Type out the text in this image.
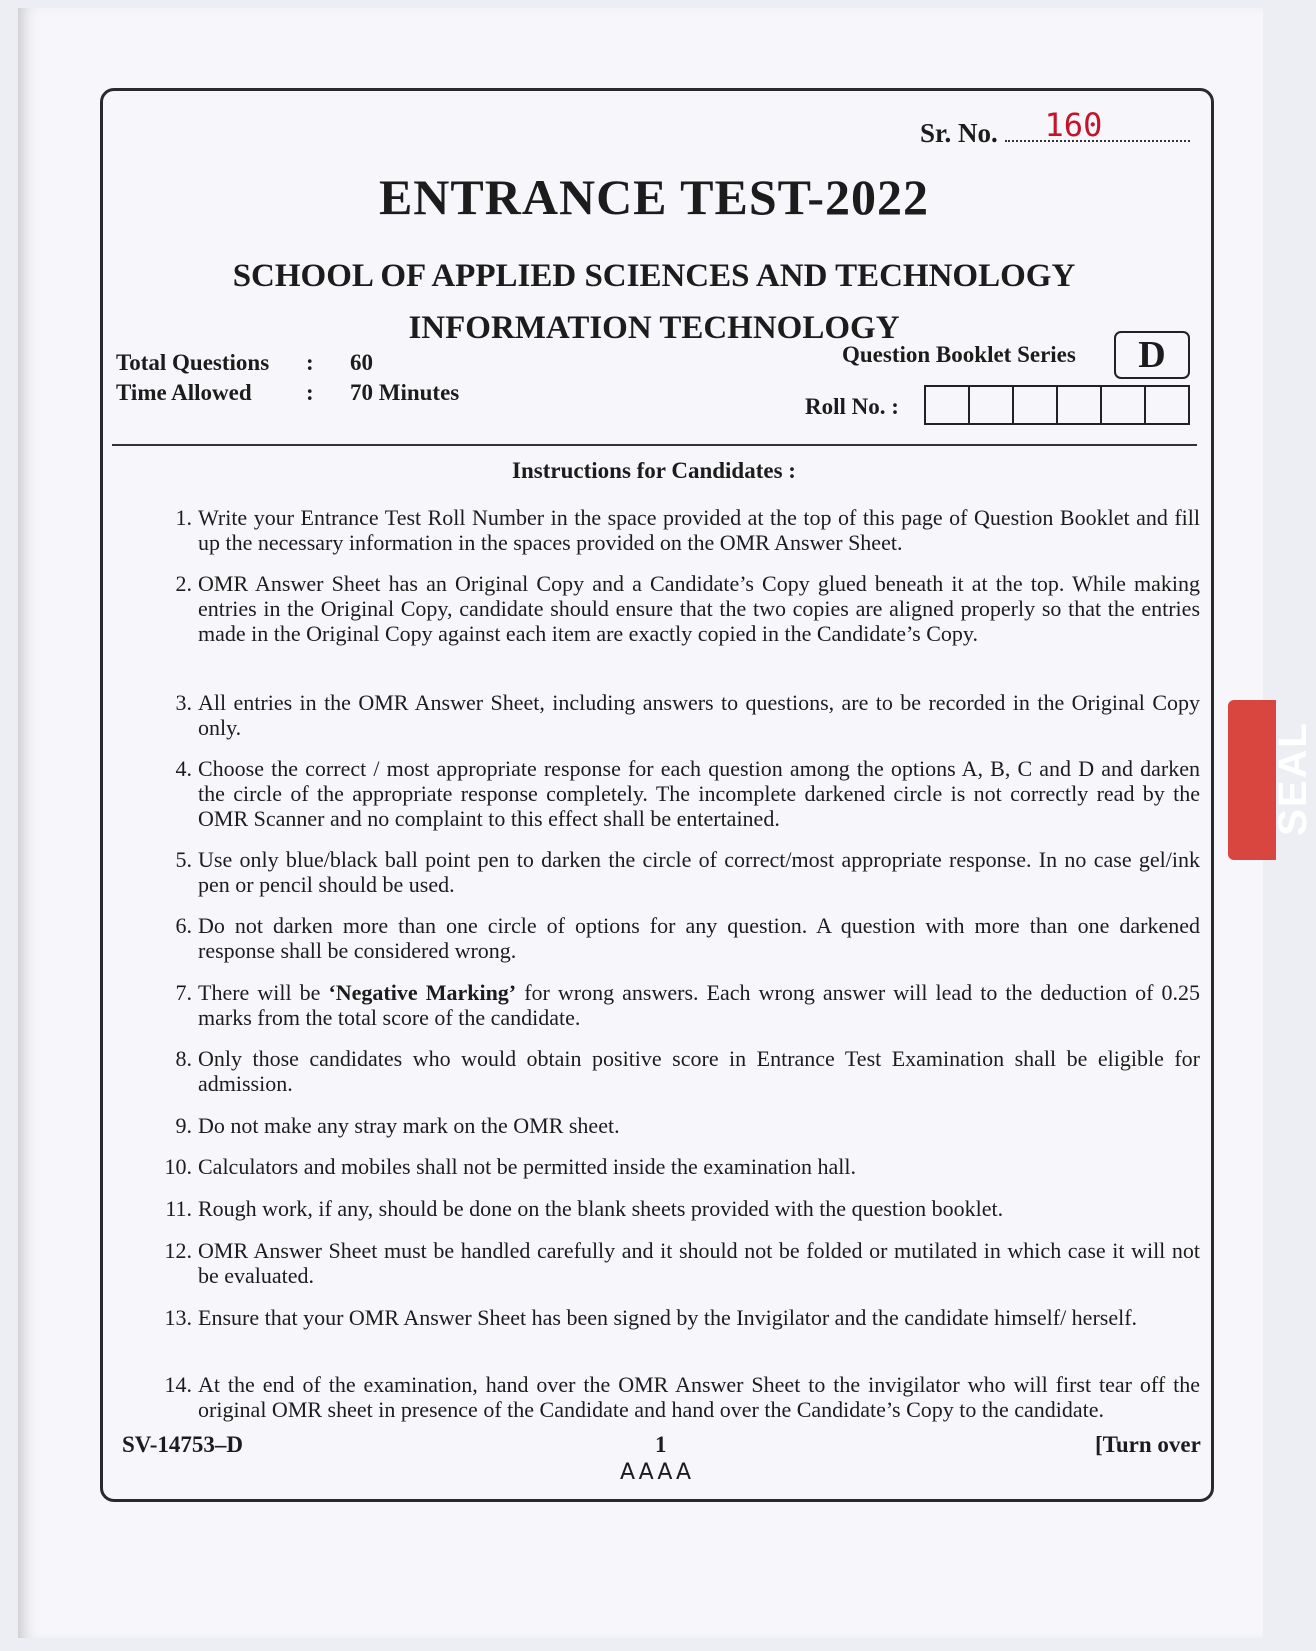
SEAL
Sr. No. 160
ENTRANCE TEST-2022
SCHOOL OF APPLIED SCIENCES AND TECHNOLOGY
INFORMATION TECHNOLOGY
Question Booklet Series	D
Total Questions : 60
Time Allowed : 70 Minutes
Roll No. :
Instructions for Candidates :
1. Write your Entrance Test Roll Number in the space provided at the top of this page of Question Booklet and fill up the necessary information in the spaces provided on the OMR Answer Sheet.
2. OMR Answer Sheet has an Original Copy and a Candidate’s Copy glued beneath it at the top. While making entries in the Original Copy, candidate should ensure that the two copies are aligned properly so that the entries made in the Original Copy against each item are exactly copied in the Candidate’s Copy.
3. All entries in the OMR Answer Sheet, including answers to questions, are to be recorded in the Original Copy only.
4. Choose the correct / most appropriate response for each question among the options A, B, C and D and darken the circle of the appropriate response completely. The incomplete darkened circle is not correctly read by the OMR Scanner and no complaint to this effect shall be entertained.
5. Use only blue/black ball point pen to darken the circle of correct/most appropriate response. In no case gel/ink pen or pencil should be used.
6. Do not darken more than one circle of options for any question. A question with more than one darkened response shall be considered wrong.
7. There will be ‘Negative Marking’ for wrong answers. Each wrong answer will lead to the deduction of 0.25 marks from the total score of the candidate.
8. Only those candidates who would obtain positive score in Entrance Test Examination shall be eligible for admission.
9. Do not make any stray mark on the OMR sheet.
10. Calculators and mobiles shall not be permitted inside the examination hall.
11. Rough work, if any, should be done on the blank sheets provided with the question booklet.
12. OMR Answer Sheet must be handled carefully and it should not be folded or mutilated in which case it will not be evaluated.
13. Ensure that your OMR Answer Sheet has been signed by the Invigilator and the candidate himself/ herself.
14. At the end of the examination, hand over the OMR Answer Sheet to the invigilator who will first tear off the original OMR sheet in presence of the Candidate and hand over the Candidate’s Copy to the candidate.
SV-14753–D	1
AAAA
[Turn over
